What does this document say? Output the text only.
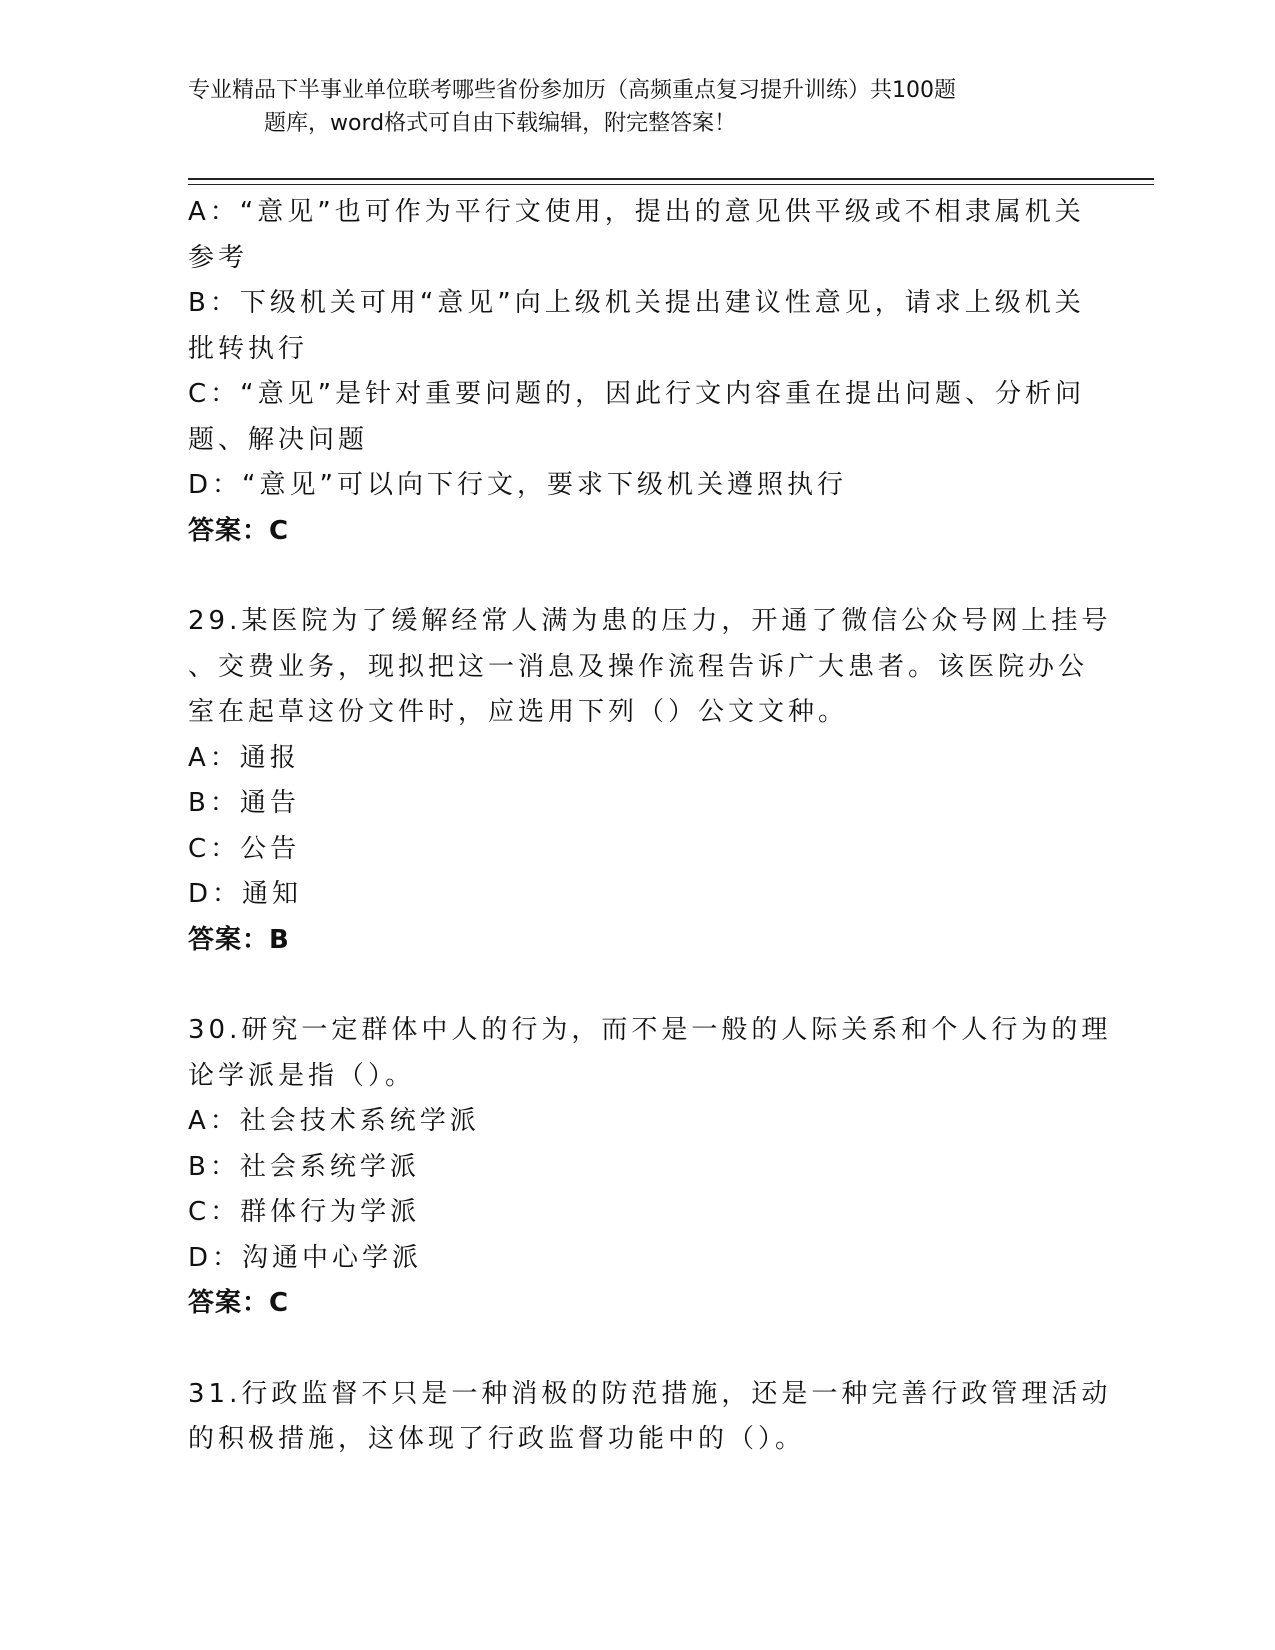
专业精品下半事业单位联考哪些省份参加历（高频重点复习提升训练）共100题
题库，word格式可自由下载编辑，附完整答案！
A：“意见”也可作为平行文使用，提出的意见供平级或不相隶属机关
参考
B：下级机关可用“意见”向上级机关提出建议性意见，请求上级机关
批转执行
C：“意见”是针对重要问题的，因此行文内容重在提出问题、分析问
题、解决问题
D：“意见”可以向下行文，要求下级机关遵照执行
答案：C
29.某医院为了缓解经常人满为患的压力，开通了微信公众号网上挂号
、交费业务，现拟把这一消息及操作流程告诉广大患者。该医院办公
室在起草这份文件时，应选用下列（）公文文种。
A：通报
B：通告
C：公告
D：通知
答案：B
30.研究一定群体中人的行为，而不是一般的人际关系和个人行为的理
论学派是指（）。
A：社会技术系统学派
B：社会系统学派
C：群体行为学派
D：沟通中心学派
答案：C
31.行政监督不只是一种消极的防范措施，还是一种完善行政管理活动
的积极措施，这体现了行政监督功能中的（）。
